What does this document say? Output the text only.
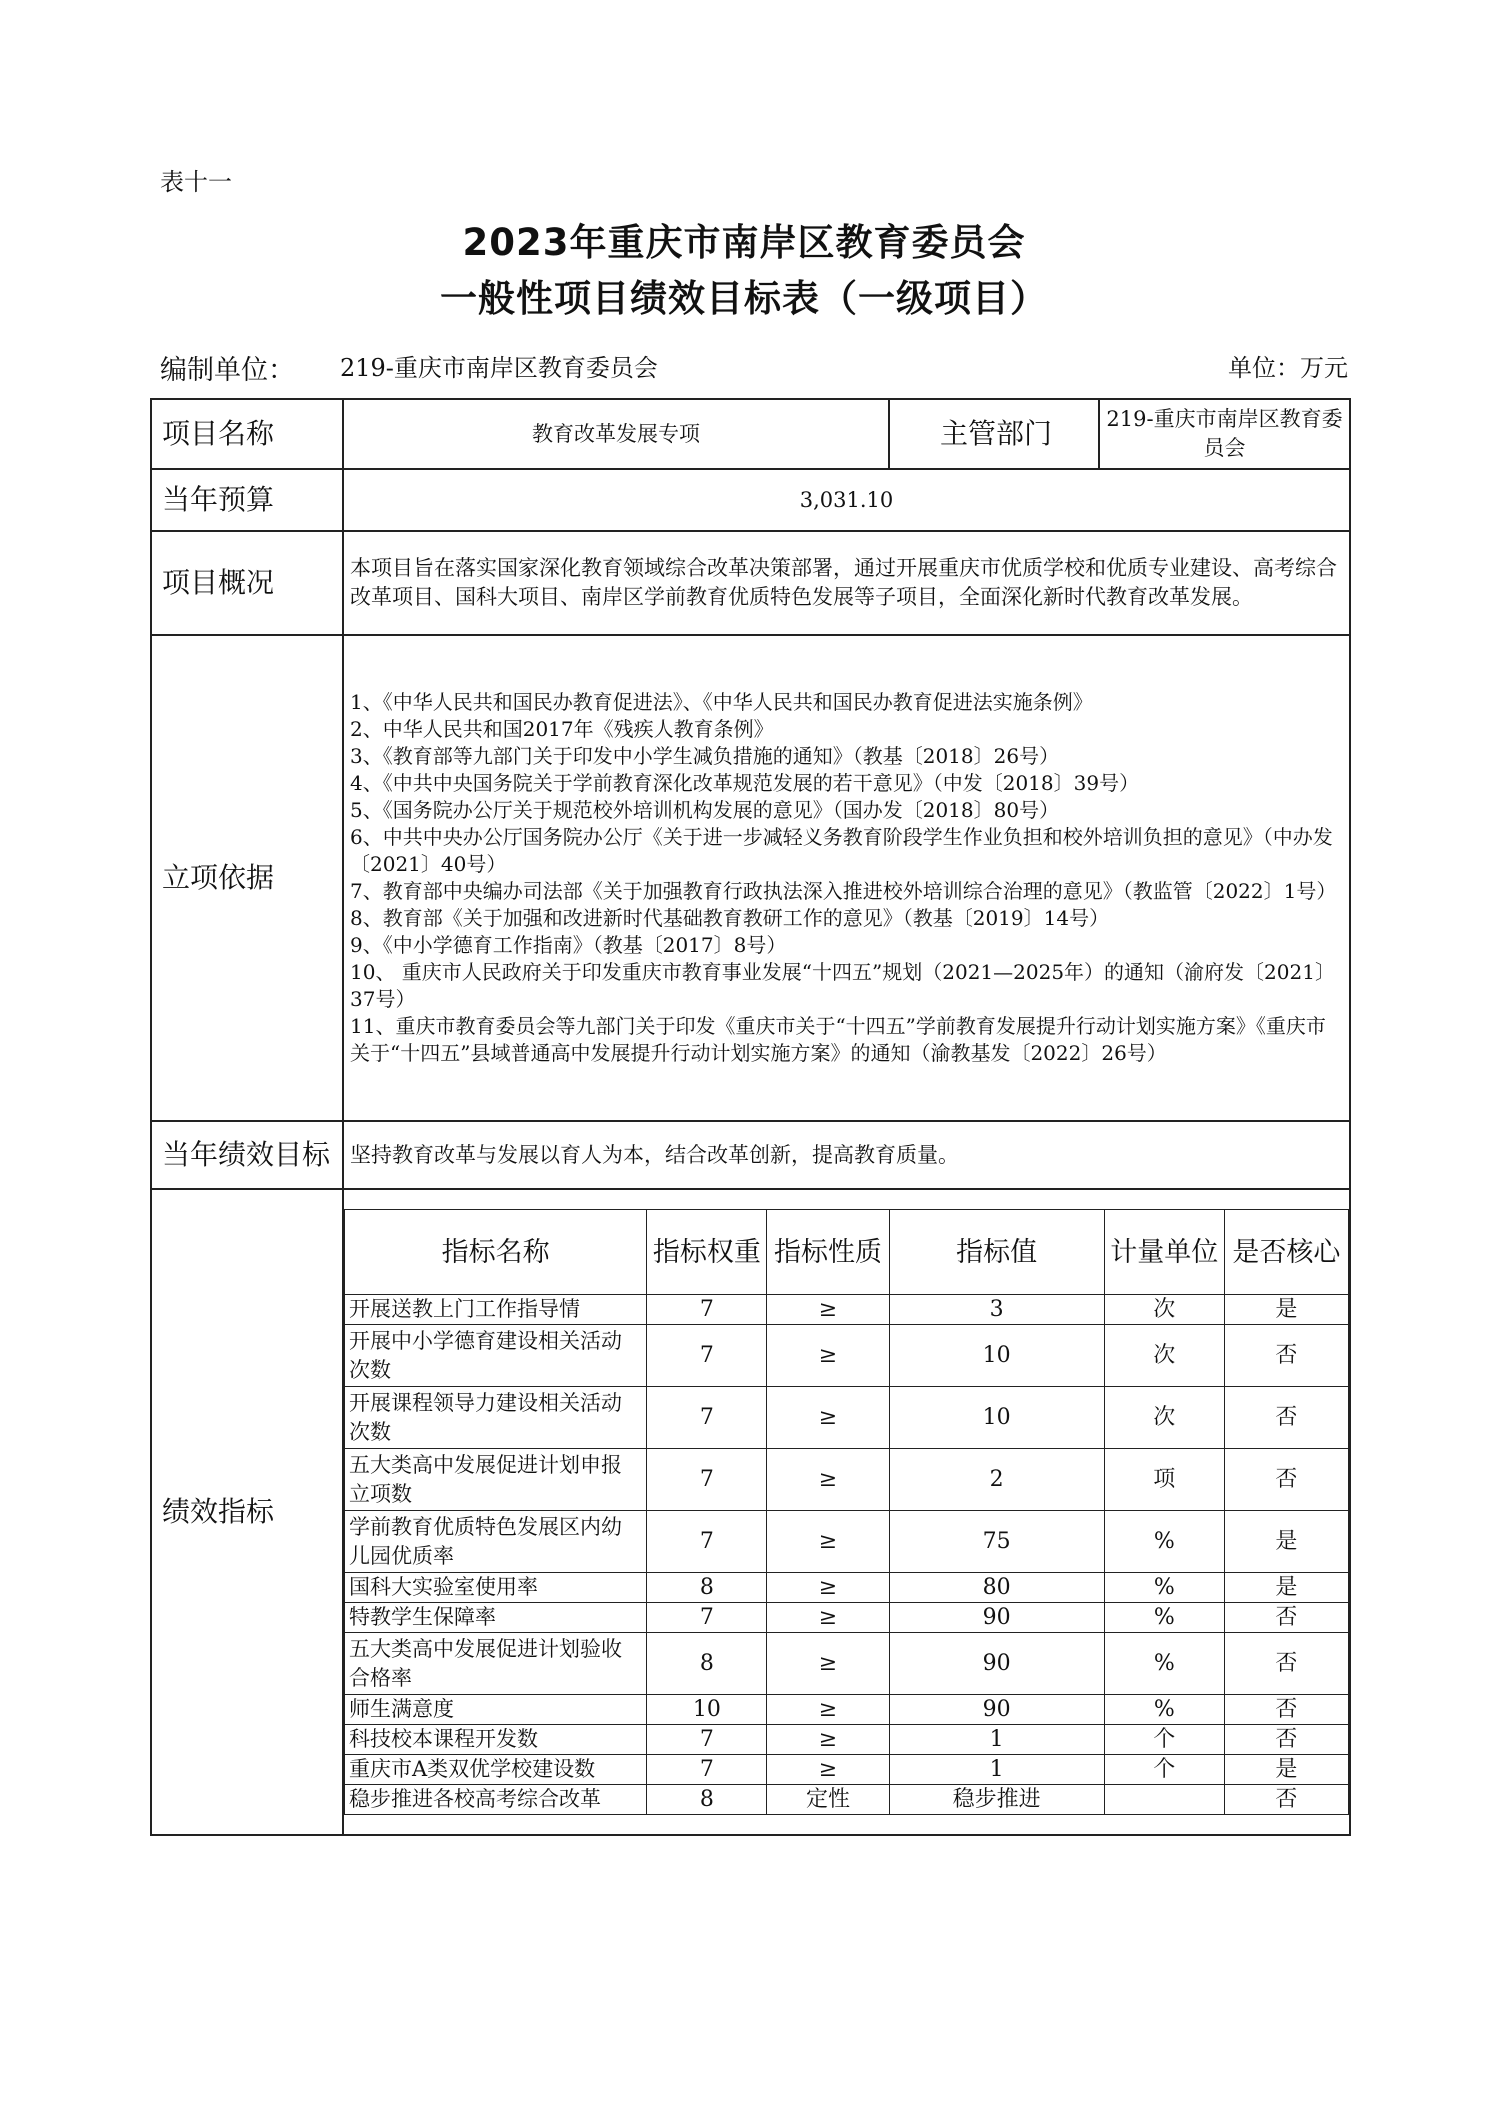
表十一
2023年重庆市南岸区教育委员会
一般性项目绩效目标表（一级项目）
编制单位： 219-重庆市南岸区教育委员会	单位：万元
项目名称	教育改革发展专项	主管部门	219-重庆市南岸区教育委员会
当年预算	3,031.10
项目概况	本项目旨在落实国家深化教育领域综合改革决策部署，通过开展重庆市优质学校和优质专业建设、高考综合改革项目、国科大项目、南岸区学前教育优质特色发展等子项目，全面深化新时代教育改革发展。
立项依据	
1、《中华人民共和国民办教育促进法》、《中华人民共和国民办教育促进法实施条例》
2、中华人民共和国2017年《残疾人教育条例》
3、《教育部等九部门关于印发中小学生减负措施的通知》（教基〔2018〕26号）
4、《中共中央国务院关于学前教育深化改革规范发展的若干意见》（中发〔2018〕39号）
5、《国务院办公厅关于规范校外培训机构发展的意见》（国办发〔2018〕80号）
6、中共中央办公厅国务院办公厅《关于进一步减轻义务教育阶段学生作业负担和校外培训负担的意见》（中办发〔2021〕40号）
7、教育部中央编办司法部《关于加强教育行政执法深入推进校外培训综合治理的意见》（教监管〔2022〕1号）
8、教育部《关于加强和改进新时代基础教育教研工作的意见》（教基〔2019〕14号）
9、《中小学德育工作指南》（教基〔2017〕8号）
10、 重庆市人民政府关于印发重庆市教育事业发展“十四五”规划（2021—2025年）的通知（渝府发〔2021〕37号）
11、重庆市教育委员会等九部门关于印发《重庆市关于“十四五”学前教育发展提升行动计划实施方案》《重庆市关于“十四五”县域普通高中发展提升行动计划实施方案》的通知（渝教基发〔2022〕26号）

当年绩效目标	坚持教育改革与发展以育人为本，结合改革创新，提高教育质量。
绩效指标	
指标名称	指标权重	指标性质	指标值	计量单位	是否核心
开展送教上门工作指导情	7	≥	3	次	是
开展中小学德育建设相关活动次数	7	≥	10	次	否
开展课程领导力建设相关活动次数	7	≥	10	次	否
五大类高中发展促进计划申报立项数	7	≥	2	项	否
学前教育优质特色发展区内幼儿园优质率	7	≥	75	%	是
国科大实验室使用率	8	≥	80	%	是
特教学生保障率	7	≥	90	%	否
五大类高中发展促进计划验收合格率	8	≥	90	%	否
师生满意度	10	≥	90	%	否
科技校本课程开发数	7	≥	1	个	否
重庆市A类双优学校建设数	7	≥	1	个	是
稳步推进各校高考综合改革	8	定性	稳步推进		否
